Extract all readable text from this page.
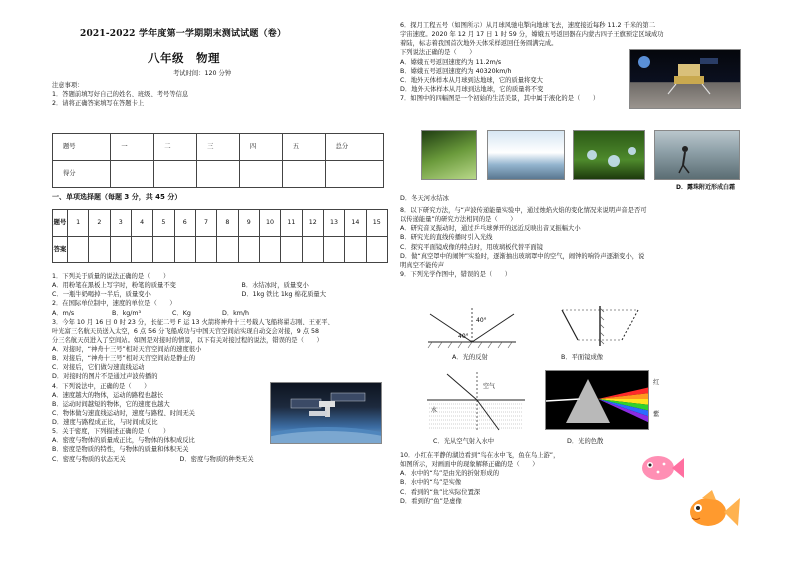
2021-2022 学年度第一学期期末测试试题（卷）
八年级　物理
考试时间：120 分钟
注意事项：
1．答题前填写好自己的姓名、班级、考号等信息
2．请将正确答案填写在答题卡上
题号	一	二	三	四	五	总分
得分						
一、单项选择题（每题 3 分，共 45 分）
题号	1	2	3	4	5	6	7	8	9	10	11	12	13	14	15
答案															
1．下列关于质量的说法正确的是（　　）
A．用粉笔在黑板上写字时，粉笔的质量不变	B．水结冰时，质量变小
C．一瓶牛奶喝掉一半后，质量变小	D．1kg 铁比 1kg 棉花质量大
2．在国际单位制中，速度的单位是（　　）
A．m/s	B．kg/m³	C．Kg	D．km/h
3．今年 10 月 16 日 0 时 23 分，长征二号 F 运 13 火箭将神舟十三号载人飞船将翟志刚、王亚平、
叶光富三名航天员送入太空，6 点 56 分飞船成功与中国天宫空间站实现自动交会对接，9 点 58
分三名航天员进入了空间站。如图是对接时的情景，以下有关对接过程的说法，错误的是（　　）
A．对接时，“神舟十三号”相对天宫空间站的速度很小
B．对接后，“神舟十三号”相对天宫空间站是静止的
C．对接后，它们做匀速直线运动
D．对接时的图片不是通过声波传播的
4．下列说法中，正确的是（　　）
A．速度越大的物体，运动的路程也越长
B．运动时间越短的物体，它的速度也越大
C．物体做匀速直线运动时，速度与路程、时间无关
D．速度与路程成正比，与时间成反比
5．关于密度，下列描述正确的是（　　）
A．密度与物体的质量成正比，与物体的体积成反比
B．密度是物质的特性，与物体的质量和体积无关
C．密度与物质的状态无关	D．密度与物质的种类无关
6．探月工程五号（如图所示）从月球风驰电掣向地球飞去，速度接近每秒 11.2 千米的第二
宇宙速度。2020 年 12 月 17 日 1 时 59 分，嫦娥五号返回器在内蒙古四子王旗预定区域成功
着陆，标志着我国首次地外天体采样返回任务圆满完成。
下列说法正确的是（　　）
A．嫦娥五号返回速度约为 11.2m/s
B．嫦娥五号返回速度约为 40320km/h
C．地外天体样本从月球到达地球，它的质量将变大
D．地外天体样本从月球到达地球，它的质量将不变
7．如图中的四幅图是一个初始的生活美景，其中属于液化的是（　　）
D．露珠附近形成白霜
D．冬天河水结冰
8．以下研究方法，与“声波传递能量实验中，通过烛焰火焰的变化情况来说明声音是否可
以传递能量”的研究方法相同的是（　　）
A．研究音叉振动时，通过乒乓球弹开的远近反映出音叉振幅大小
B．研究光的直线传播时引入光线
C．探究平面镜成像的特点时，用玻璃板代替平面镜
D．做“真空罩中的闹钟”实验时，逐渐抽出玻璃罩中的空气，闹钟的响铃声逐渐变小，说
明真空不能传声
9．下列光学作图中，错误的是（　　）
40°
40°
A．光的反射	B．平面镜成像
空气
水
C．光从空气射入水中
红
紫
D．光的色散
10．小红在平静的湖边看到“鸟在水中飞，鱼在鸟上游”，
如图所示，对画面中的现象解释正确的是（　　）
A．水中的“鸟”是由光的折射形成的
B．水中的“鸟”是实像
C．看到的“鱼”比实际位置深
D．看到的“鱼”是虚像
